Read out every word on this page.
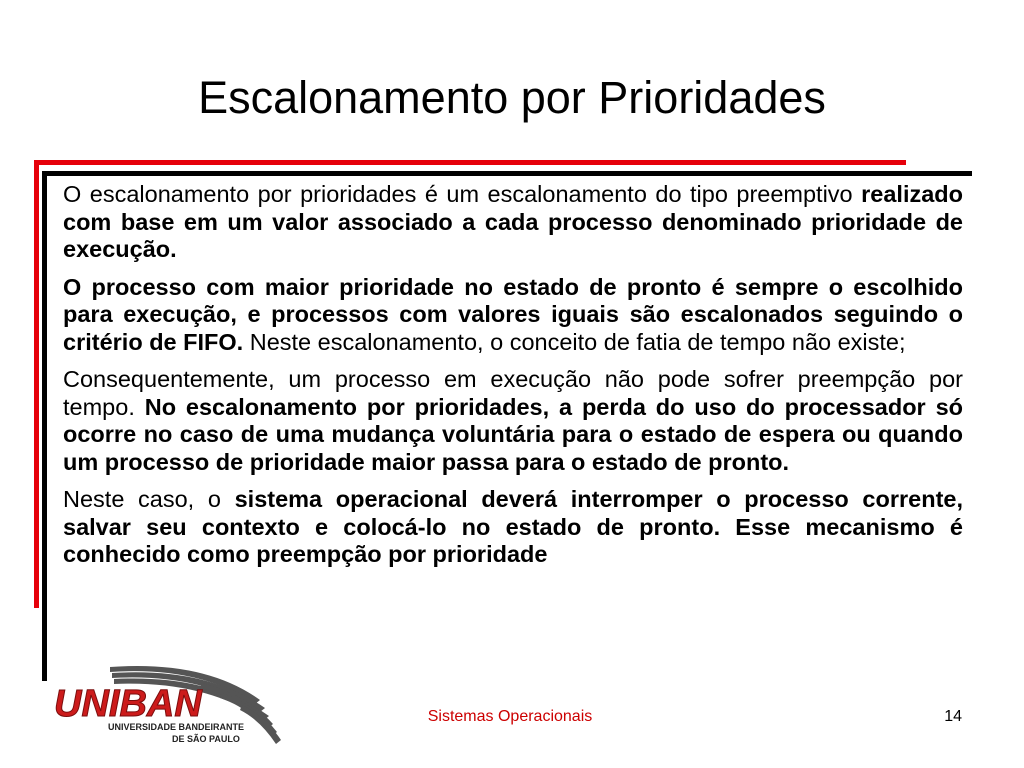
Escalonamento por Prioridades

O escalonamento por prioridades é um escalonamento do tipo preemptivo realizado com base em um valor associado a cada processo denominado prioridade de execução.

O processo com maior prioridade no estado de pronto é sempre o escolhido para execução, e processos com valores iguais são escalonados seguindo o critério de FIFO. Neste escalonamento, o conceito de fatia de tempo não existe;

Consequentemente, um processo em execução não pode sofrer preempção por tempo. No escalonamento por prioridades, a perda do uso do processador só ocorre no caso de uma mudança voluntária para o estado de espera ou quando um processo de prioridade maior passa para o estado de pronto.

Neste caso, o sistema operacional deverá interromper o processo corrente, salvar seu contexto e colocá-lo no estado de pronto. Esse mecanismo é conhecido como preempção por prioridade

UNIBAN
UNIVERSIDADE BANDEIRANTE
DE SÃO PAULO
Sistemas Operacionais	14
